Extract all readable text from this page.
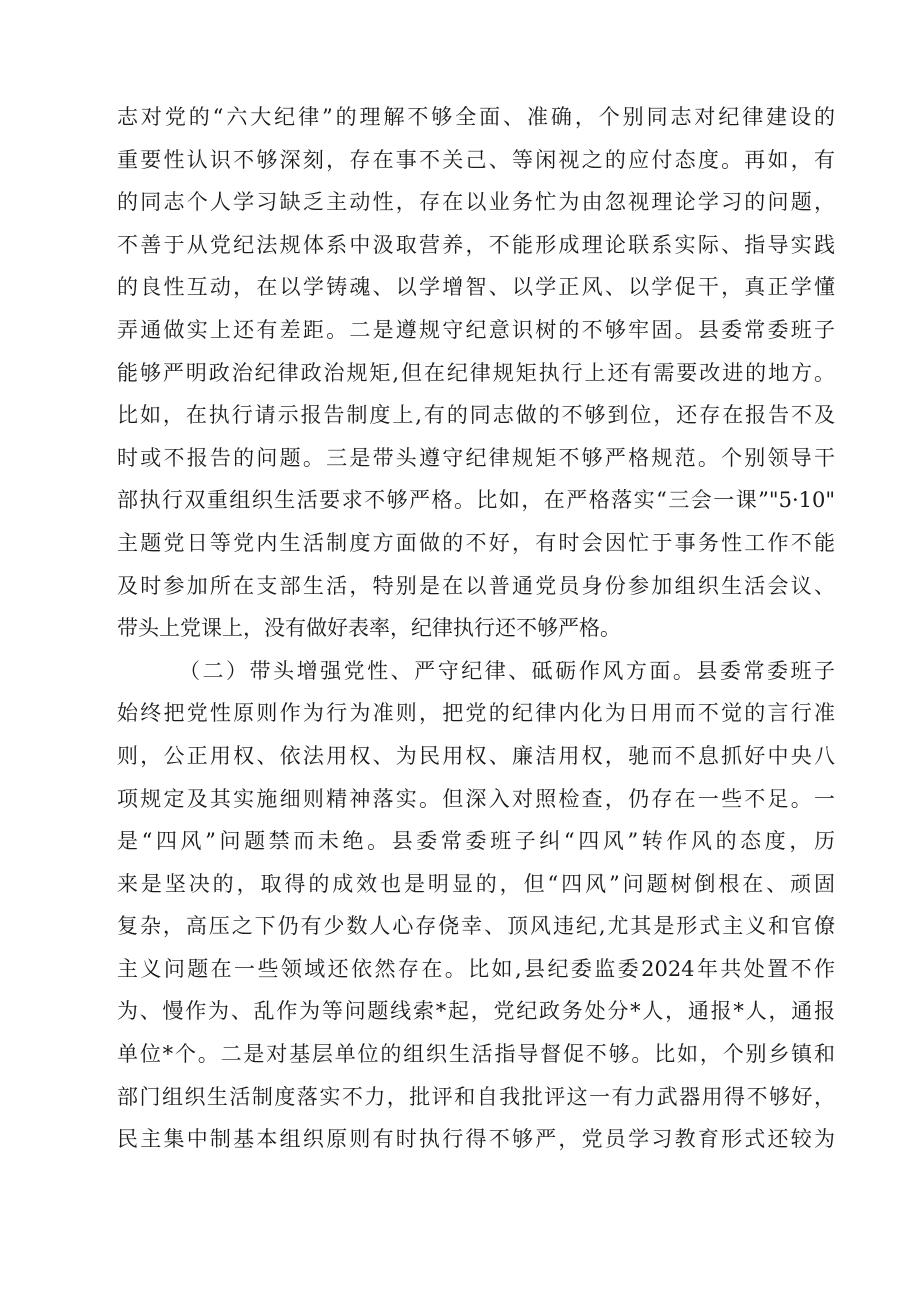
志对党的“六大纪律”的理解不够全面、准确，个别同志对纪律建设的
重要性认识不够深刻，存在事不关己、等闲视之的应付态度。再如，有
的同志个人学习缺乏主动性，存在以业务忙为由忽视理论学习的问题，
不善于从党纪法规体系中汲取营养，不能形成理论联系实际、指导实践
的良性互动，在以学铸魂、以学增智、以学正风、以学促干，真正学懂
弄通做实上还有差距。二是遵规守纪意识树的不够牢固。县委常委班子
能够严明政治纪律政治规矩,但在纪律规矩执行上还有需要改进的地方。
比如，在执行请示报告制度上,有的同志做的不够到位，还存在报告不及
时或不报告的问题。三是带头遵守纪律规矩不够严格规范。个别领导干
部执行双重组织生活要求不够严格。比如，在严格落实“三会一课”"5·10"
主题党日等党内生活制度方面做的不好，有时会因忙于事务性工作不能
及时参加所在支部生活，特别是在以普通党员身份参加组织生活会议、
带头上党课上，没有做好表率，纪律执行还不够严格。
（二）带头增强党性、严守纪律、砥砺作风方面。县委常委班子
始终把党性原则作为行为准则，把党的纪律内化为日用而不觉的言行准
则，公正用权、依法用权、为民用权、廉洁用权，驰而不息抓好中央八
项规定及其实施细则精神落实。但深入对照检查，仍存在一些不足。一
是“四风”问题禁而未绝。县委常委班子纠“四风”转作风的态度，历
来是坚决的，取得的成效也是明显的，但“四风”问题树倒根在、顽固
复杂，高压之下仍有少数人心存侥幸、顶风违纪,尤其是形式主义和官僚
主义问题在一些领域还依然存在。比如,县纪委监委2024年共处置不作
为、慢作为、乱作为等问题线索*起，党纪政务处分*人，通报*人，通报
单位*个。二是对基层单位的组织生活指导督促不够。比如，个别乡镇和
部门组织生活制度落实不力，批评和自我批评这一有力武器用得不够好，
民主集中制基本组织原则有时执行得不够严，党员学习教育形式还较为
